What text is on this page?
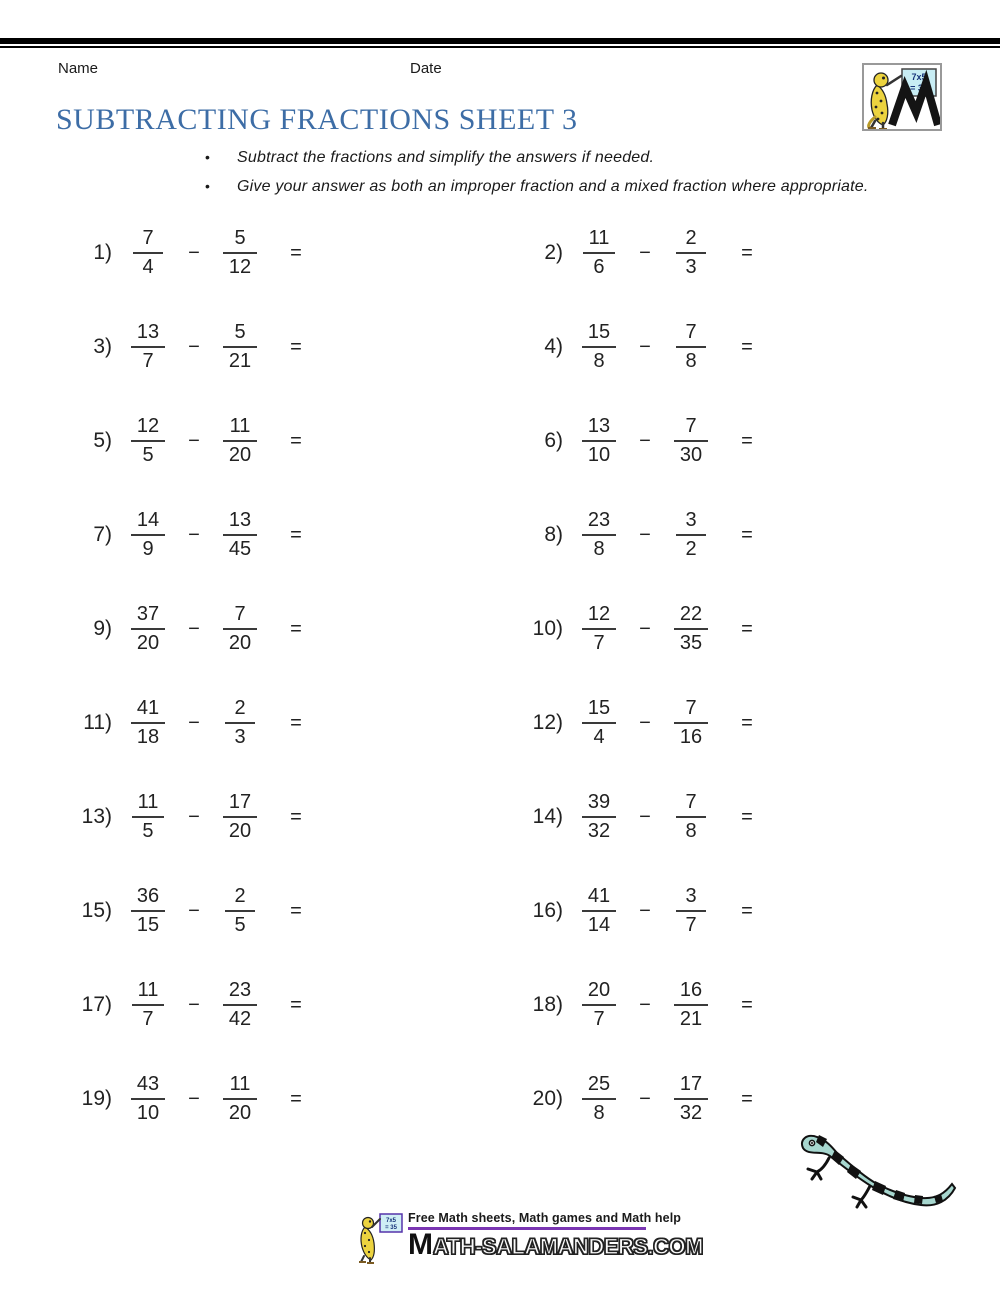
Name	Date	7x5
= 35
SUBTRACTING FRACTIONS SHEET 3
•	Subtract the fractions and simplify the answers if needed.
•	Give your answer as both an improper fraction and a mixed fraction where appropriate.
$1) \frac{7}{4} - \frac{5}{12}$ =	$2) \frac{11}{6} - \frac{2}{3}$ =
$3) \frac{13}{7} - \frac{5}{21}$ =	$4) \frac{15}{8} - \frac{7}{8}$ =
$5) \frac{12}{5} - \frac{11}{20}$ =	$6) \frac{13}{10} - \frac{7}{30}$ =
$7) \frac{14}{9} - \frac{13}{45}$ =	$8) \frac{23}{8} - \frac{3}{2}$ =
$9) \frac{37}{20} - \frac{7}{20}$ =	$10) \frac{12}{7} - \frac{22}{35}$ =
$11) \frac{41}{18} - \frac{2}{3}$ =	$12) \frac{15}{4} - \frac{7}{16}$ =
$13) \frac{11}{5} - \frac{17}{20}$ =	$14) \frac{39}{32} - \frac{7}{8}$ =
$15) \frac{36}{15} - \frac{2}{5}$ =	$16) \frac{41}{14} - \frac{3}{7}$ =
$17) \frac{11}{7} - \frac{23}{42}$ =	$18) \frac{20}{7} - \frac{16}{21}$ =
$19) \frac{43}{10} - \frac{11}{20}$ =	$20) \frac{25}{8} - \frac{17}{32}$ =
7x5
= 35
Free Math sheets, Math games and Math help
MATH-SALAMANDERS.COM
